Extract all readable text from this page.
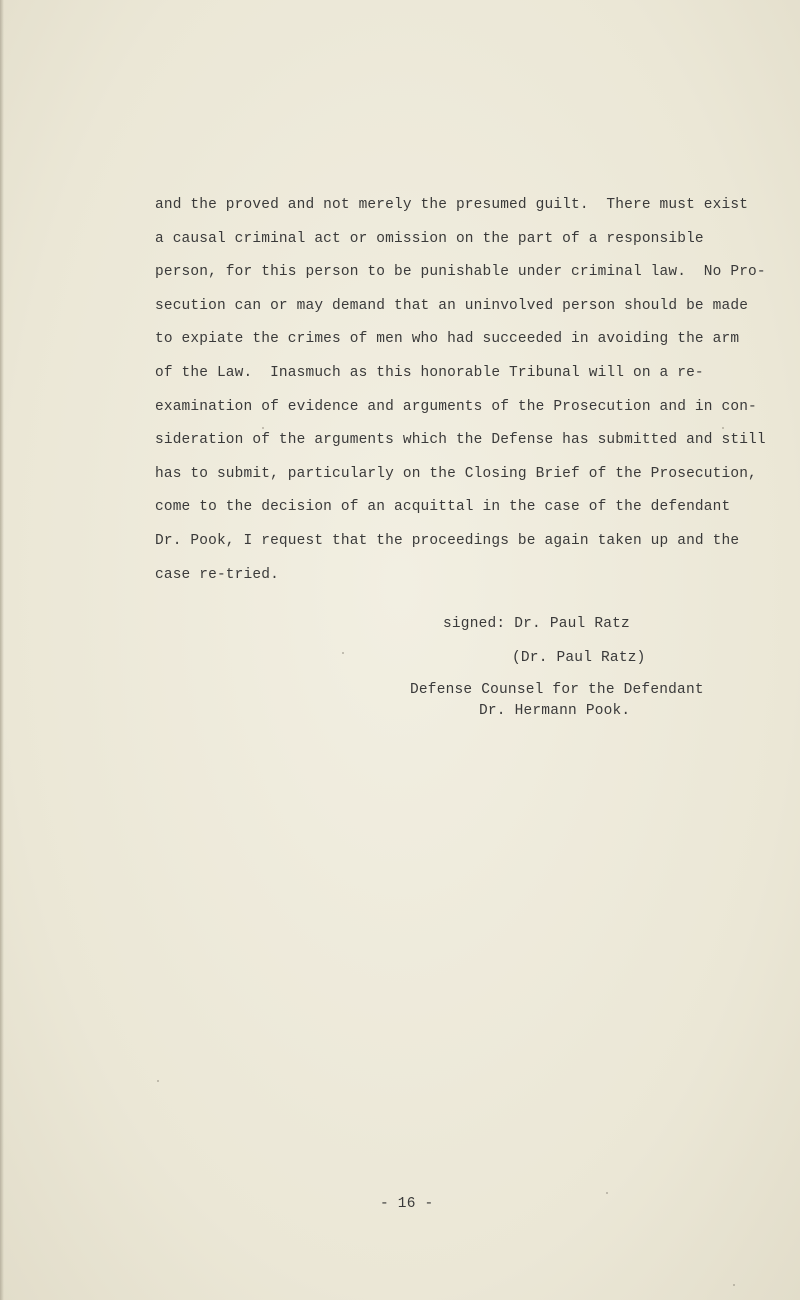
and the proved and not merely the presumed guilt.  There must exist
a causal criminal act or omission on the part of a responsible
person, for this person to be punishable under criminal law.  No Pro-
secution can or may demand that an uninvolved person should be made
to expiate the crimes of men who had succeeded in avoiding the arm
of the Law.  Inasmuch as this honorable Tribunal will on a re-
examination of evidence and arguments of the Prosecution and in con-
sideration of the arguments which the Defense has submitted and still
has to submit, particularly on the Closing Brief of the Prosecution,
come to the decision of an acquittal in the case of the defendant
Dr. Pook, I request that the proceedings be again taken up and the
case re-tried.
signed: Dr. Paul Ratz
(Dr. Paul Ratz)
Defense Counsel for the Defendant
Dr. Hermann Pook.
- 16 -
